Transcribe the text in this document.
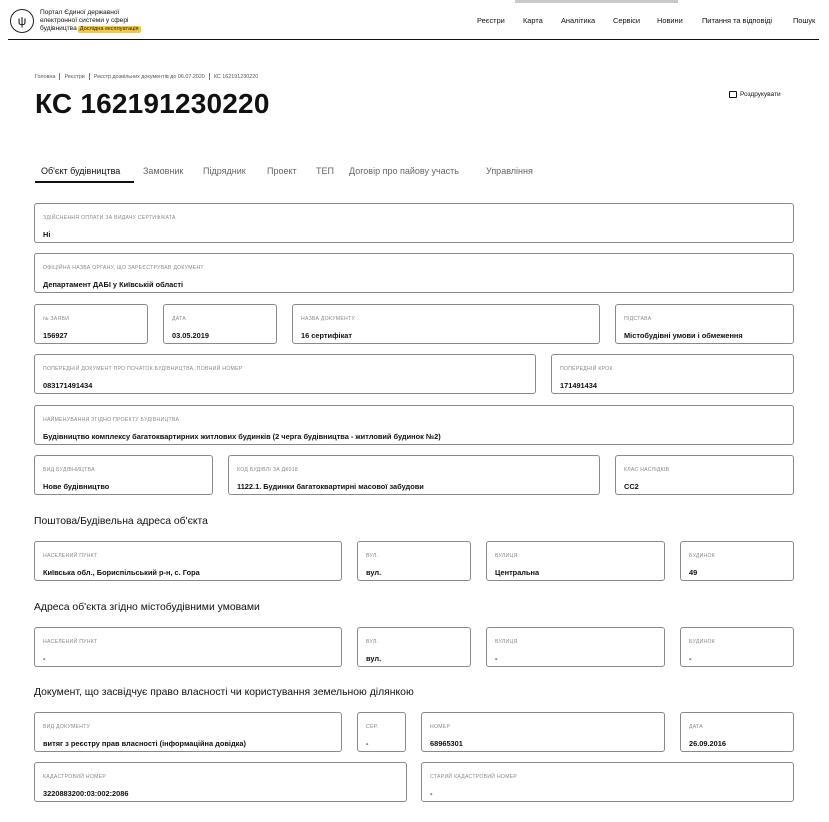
ψ
Портал Єдиної державної
електронної системи у сфері
будівництва Дослідна експлуатація
Реєстри Карта Аналітика Сервіси Новини	Питання та відповіді	Пошук
Головна Реєстри Реєстр дозвільних документів до 06.07.2020 КС 162191230220
КС 162191230220	Роздрукувати
Об'єкт будівництва	Замовник Підрядник Проект ТЕП Договір про пайову участь	Управління
ЗДІЙСНЕННЯ ОПЛАТИ ЗА ВИДАЧУ СЕРТИФІКАТА
Ні
ОФІЦІЙНА НАЗВА ОРГАНУ, ЩО ЗАРЕЄСТРУВАВ ДОКУМЕНТ
Департамент ДАБІ у Київській області
№ ЗАЯВИ
156927
ДАТА
03.05.2019
НАЗВА ДОКУМЕНТУ
16 сертифікат
ПІДСТАВА
Містобудівні умови і обмеження
ПОПЕРЕДНІЙ ДОКУМЕНТ ПРО ПОЧАТОК БУДІВНИЦТВА, ПОВНИЙ НОМЕР
083171491434
ПОПЕРЕДНІЙ КРОК
171491434
НАЙМЕНУВАННЯ ЗГІДНО ПРОЕКТУ БУДІВНИЦТВА
Будівництво комплексу багатоквартирних житлових будинків (2 черга будівництва - житловий будинок №2)
ВИД БУДІВНИЦТВА
Нове будівництво
КОД БУДІВЛІ ЗА ДК018
1122.1. Будинки багатоквартирні масової забудови
КЛАС НАСЛІДКІВ
СС2
Поштова/Будівельна адреса об'єкта
НАСЕЛЕНИЙ ПУНКТ
Київська обл., Бориспільський р-н, с. Гора
ВУЛ.
вул.
ВУЛИЦЯ
Центральна
БУДИНОК
49
Адреса об'єкта згідно містобудівними умовами
НАСЕЛЕНИЙ ПУНКТ
-
ВУЛ.
вул.
ВУЛИЦЯ
-
БУДИНОК
-
Документ, що засвідчує право власності чи користування земельною ділянкою
ВИД ДОКУМЕНТУ
витяг з реєстру прав власності (інформаційна довідка)
СЕР.
-
НОМЕР
68965301
ДАТА
26.09.2016
КАДАСТРОВИЙ НОМЕР
3220883200:03:002:2086
СТАРИЙ КАДАСТРОВИЙ НОМЕР
-
